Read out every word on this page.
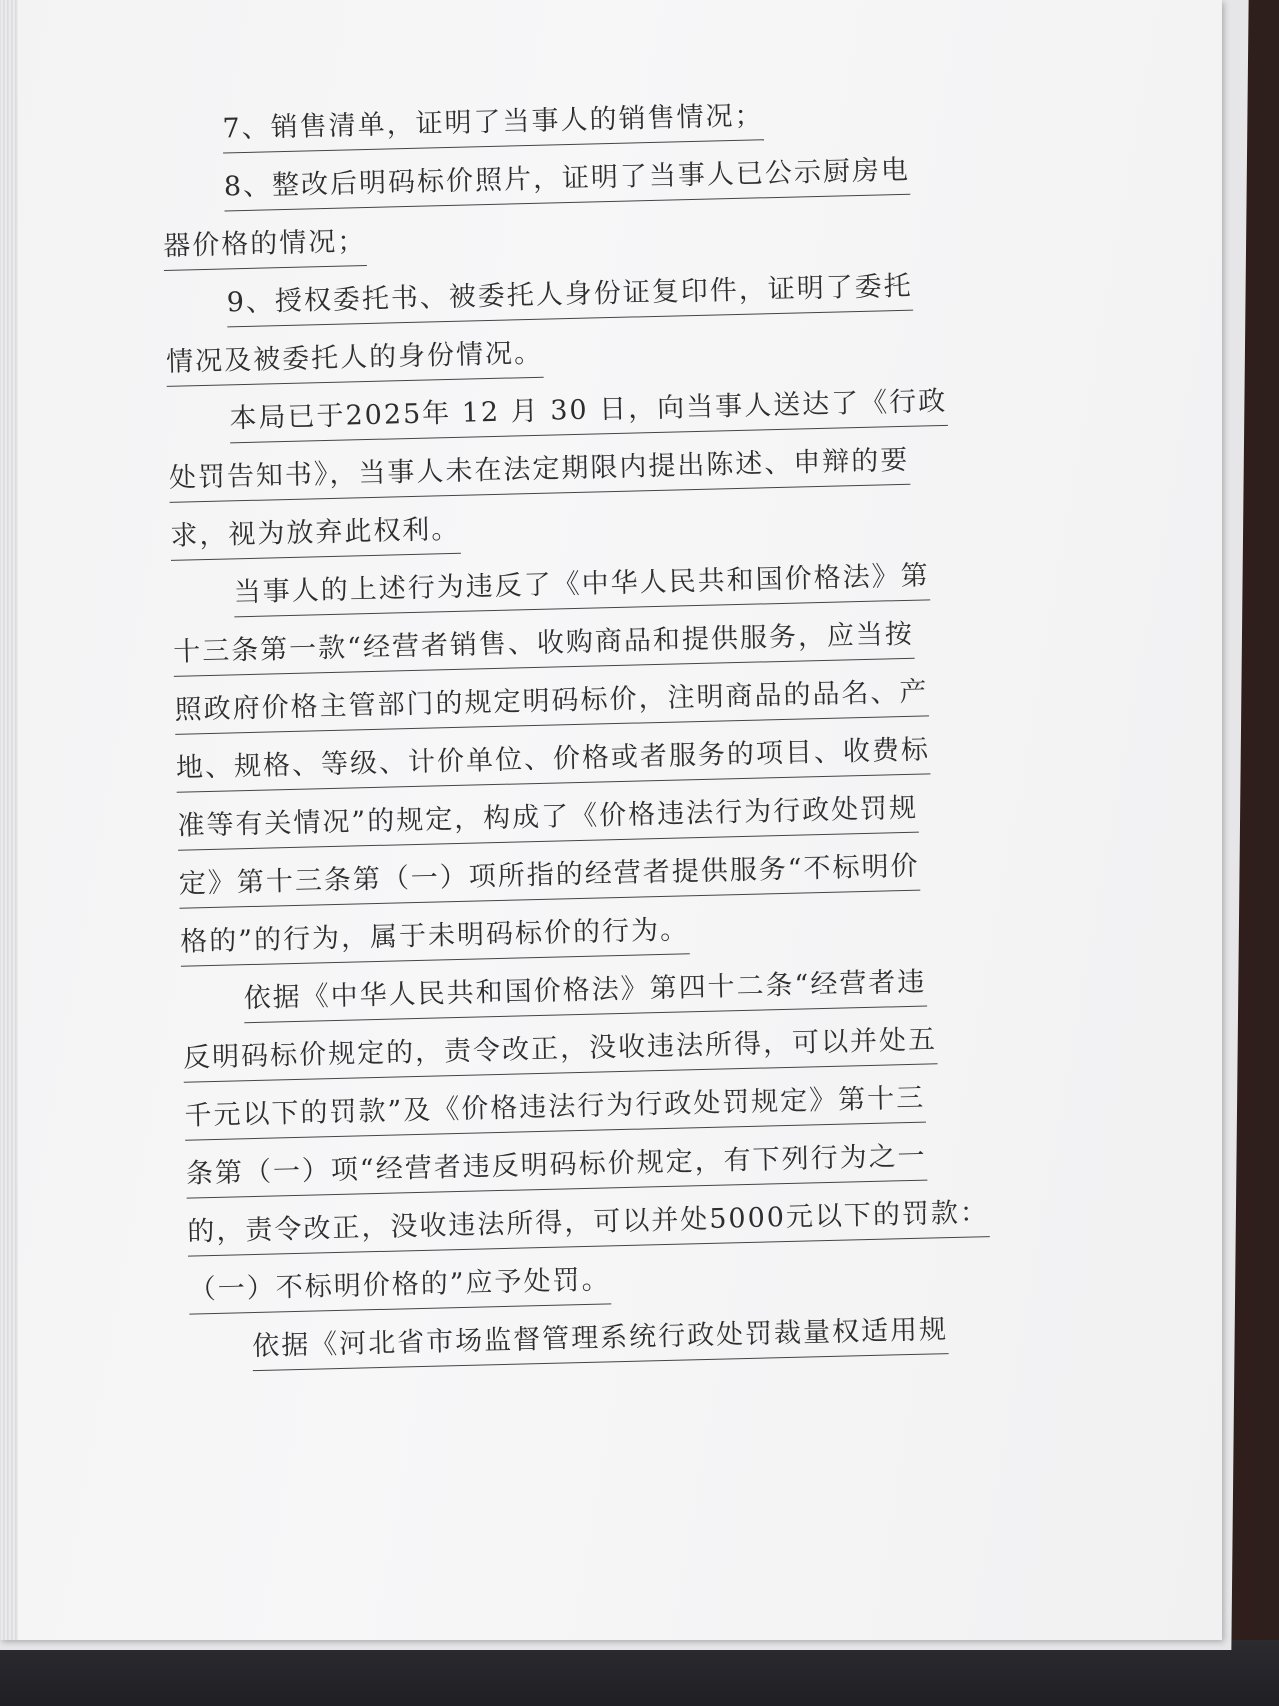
7、销售清单，证明了当事人的销售情况；
8、整改后明码标价照片，证明了当事人已公示厨房电
器价格的情况；
9、授权委托书、被委托人身份证复印件，证明了委托
情况及被委托人的身份情况。
本局已于2025年 12 月 30 日，向当事人送达了《行政
处罚告知书》，当事人未在法定期限内提出陈述、申辩的要
求，视为放弃此权利。
当事人的上述行为违反了《中华人民共和国价格法》第
十三条第一款“经营者销售、收购商品和提供服务，应当按
照政府价格主管部门的规定明码标价，注明商品的品名、产
地、规格、等级、计价单位、价格或者服务的项目、收费标
准等有关情况”的规定，构成了《价格违法行为行政处罚规
定》第十三条第（一）项所指的经营者提供服务“不标明价
格的”的行为，属于未明码标价的行为。
依据《中华人民共和国价格法》第四十二条“经营者违
反明码标价规定的，责令改正，没收违法所得，可以并处五
千元以下的罚款”及《价格违法行为行政处罚规定》第十三
条第（一）项“经营者违反明码标价规定，有下列行为之一
的，责令改正，没收违法所得，可以并处5000元以下的罚款：
（一）不标明价格的”应予处罚。
依据《河北省市场监督管理系统行政处罚裁量权适用规
